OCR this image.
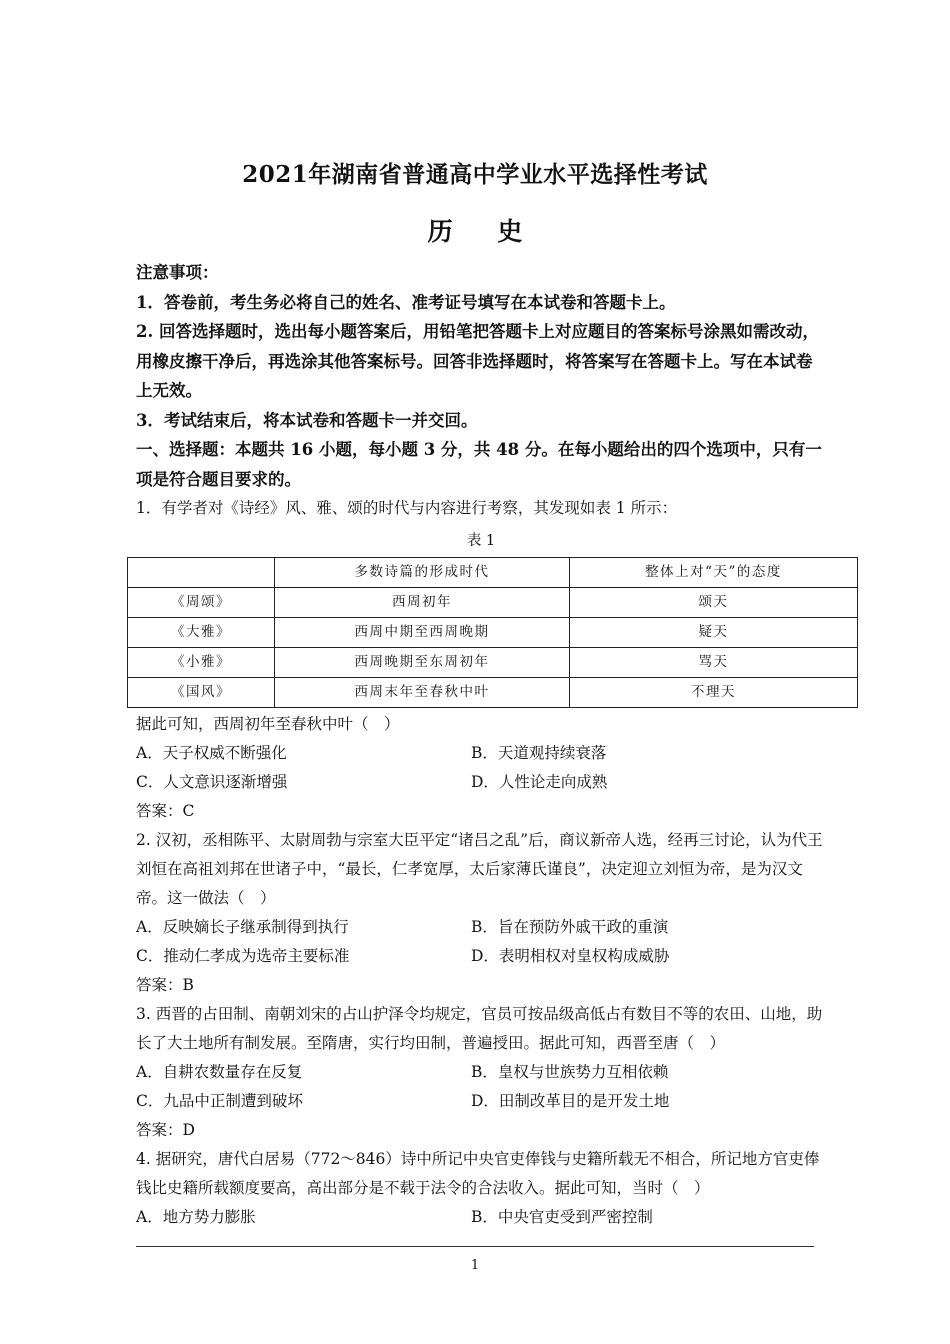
2021年湖南省普通高中学业水平选择性考试
历 史

注意事项：

1．答卷前，考生务必将自己的姓名、准考证号填写在本试卷和答题卡上。

2. 回答选择题时，选出每小题答案后，用铅笔把答题卡上对应题目的答案标号涂黑如需改动，用橡皮擦干净后，再选涂其他答案标号。回答非选择题时，将答案写在答题卡上。写在本试卷上无效。

3．考试结束后，将本试卷和答题卡一并交回。

一、选择题：本题共 16 小题，每小题 3 分，共 48 分。在每小题给出的四个选项中，只有一项是符合题目要求的。

1．有学者对《诗经》风、雅、颂的时代与内容进行考察，其发现如表 1 所示：

表 1
	多数诗篇的形成时代	整体上对“天”的态度
《周颂》	西周初年	颂天
《大雅》	西周中期至西周晚期	疑天
《小雅》	西周晚期至东周初年	骂天
《国风》	西周末年至春秋中叶	不理天

据此可知，西周初年至春秋中叶（　）

A．天子权威不断强化	B．天道观持续衰落
C．人文意识逐渐增强	D．人性论走向成熟

答案：C

2. 汉初，丞相陈平、太尉周勃与宗室大臣平定“诸吕之乱”后，商议新帝人选，经再三讨论，认为代王刘恒在高祖刘邦在世诸子中，“最长，仁孝宽厚，太后家薄氏谨良”，决定迎立刘恒为帝，是为汉文帝。这一做法（　）

A．反映嫡长子继承制得到执行	B．旨在预防外戚干政的重演
C．推动仁孝成为选帝主要标准	D．表明相权对皇权构成威胁

答案：B

3. 西晋的占田制、南朝刘宋的占山护泽令均规定，官员可按品级高低占有数目不等的农田、山地，助长了大土地所有制发展。至隋唐，实行均田制，普遍授田。据此可知，西晋至唐（　）

A．自耕农数量存在反复	B．皇权与世族势力互相依赖
C．九品中正制遭到破坏	D．田制改革目的是开发土地

答案：D

4. 据研究，唐代白居易（772～846）诗中所记中央官吏俸钱与史籍所载无不相合，所记地方官吏俸钱比史籍所载额度要高，高出部分是不载于法令的合法收入。据此可知，当时（　）

A．地方势力膨胀	B．中央官吏受到严密控制
1
